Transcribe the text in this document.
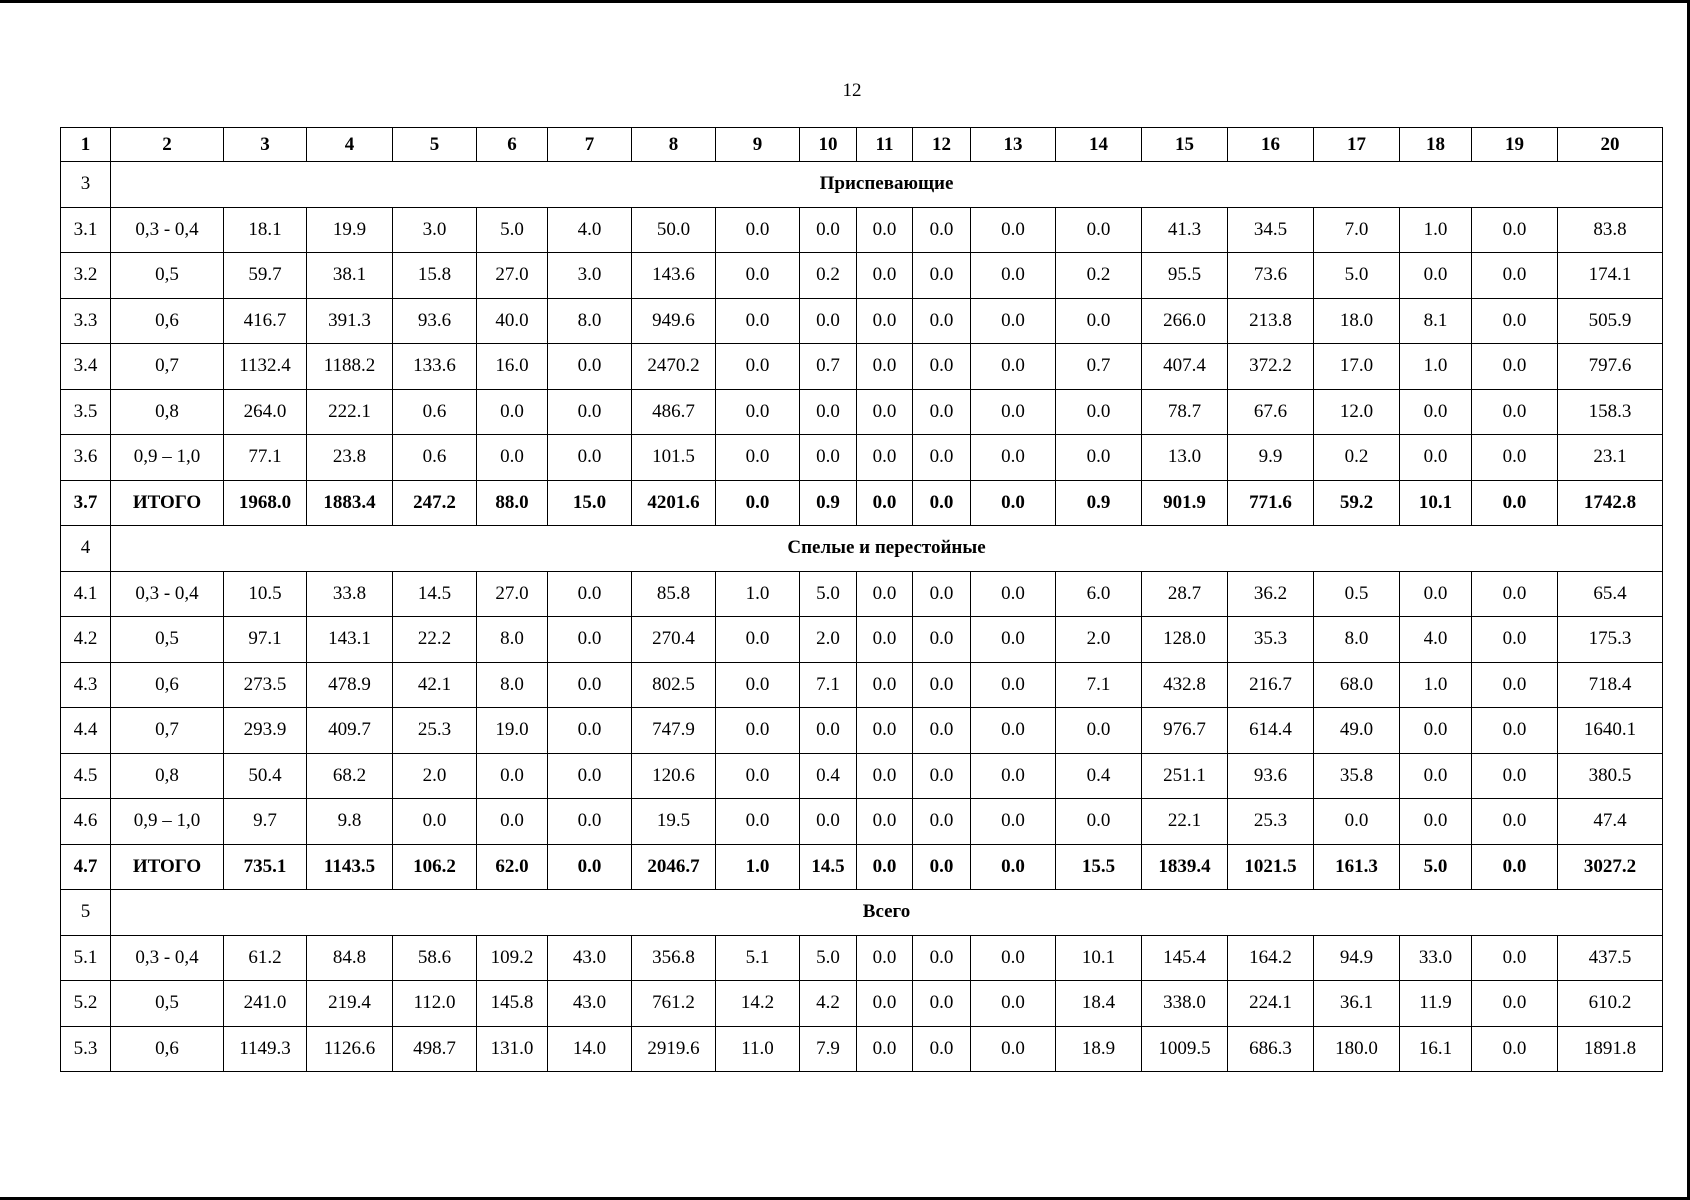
12
1	2	3	4	5	6	7	8	9	10	11	12	13	14	15	16	17	18	19	20
3	Приспевающие																		
3.1	0,3 - 0,4	18.1	19.9	3.0	5.0	4.0	50.0	0.0	0.0	0.0	0.0	0.0	0.0	41.3	34.5	7.0	1.0	0.0	83.8
3.2	0,5	59.7	38.1	15.8	27.0	3.0	143.6	0.0	0.2	0.0	0.0	0.0	0.2	95.5	73.6	5.0	0.0	0.0	174.1
3.3	0,6	416.7	391.3	93.6	40.0	8.0	949.6	0.0	0.0	0.0	0.0	0.0	0.0	266.0	213.8	18.0	8.1	0.0	505.9
3.4	0,7	1132.4	1188.2	133.6	16.0	0.0	2470.2	0.0	0.7	0.0	0.0	0.0	0.7	407.4	372.2	17.0	1.0	0.0	797.6
3.5	0,8	264.0	222.1	0.6	0.0	0.0	486.7	0.0	0.0	0.0	0.0	0.0	0.0	78.7	67.6	12.0	0.0	0.0	158.3
3.6	0,9 – 1,0	77.1	23.8	0.6	0.0	0.0	101.5	0.0	0.0	0.0	0.0	0.0	0.0	13.0	9.9	0.2	0.0	0.0	23.1
3.7	ИТОГО	1968.0	1883.4	247.2	88.0	15.0	4201.6	0.0	0.9	0.0	0.0	0.0	0.9	901.9	771.6	59.2	10.1	0.0	1742.8
4	Спелые и перестойные																		
4.1	0,3 - 0,4	10.5	33.8	14.5	27.0	0.0	85.8	1.0	5.0	0.0	0.0	0.0	6.0	28.7	36.2	0.5	0.0	0.0	65.4
4.2	0,5	97.1	143.1	22.2	8.0	0.0	270.4	0.0	2.0	0.0	0.0	0.0	2.0	128.0	35.3	8.0	4.0	0.0	175.3
4.3	0,6	273.5	478.9	42.1	8.0	0.0	802.5	0.0	7.1	0.0	0.0	0.0	7.1	432.8	216.7	68.0	1.0	0.0	718.4
4.4	0,7	293.9	409.7	25.3	19.0	0.0	747.9	0.0	0.0	0.0	0.0	0.0	0.0	976.7	614.4	49.0	0.0	0.0	1640.1
4.5	0,8	50.4	68.2	2.0	0.0	0.0	120.6	0.0	0.4	0.0	0.0	0.0	0.4	251.1	93.6	35.8	0.0	0.0	380.5
4.6	0,9 – 1,0	9.7	9.8	0.0	0.0	0.0	19.5	0.0	0.0	0.0	0.0	0.0	0.0	22.1	25.3	0.0	0.0	0.0	47.4
4.7	ИТОГО	735.1	1143.5	106.2	62.0	0.0	2046.7	1.0	14.5	0.0	0.0	0.0	15.5	1839.4	1021.5	161.3	5.0	0.0	3027.2
5	Всего																		
5.1	0,3 - 0,4	61.2	84.8	58.6	109.2	43.0	356.8	5.1	5.0	0.0	0.0	0.0	10.1	145.4	164.2	94.9	33.0	0.0	437.5
5.2	0,5	241.0	219.4	112.0	145.8	43.0	761.2	14.2	4.2	0.0	0.0	0.0	18.4	338.0	224.1	36.1	11.9	0.0	610.2
5.3	0,6	1149.3	1126.6	498.7	131.0	14.0	2919.6	11.0	7.9	0.0	0.0	0.0	18.9	1009.5	686.3	180.0	16.1	0.0	1891.8
